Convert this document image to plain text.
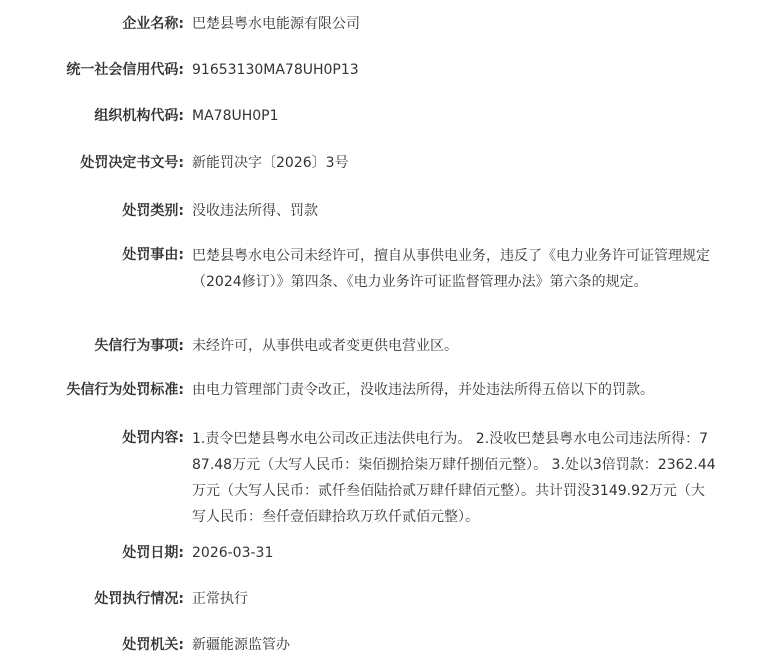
企业名称: 巴楚县粤水电能源有限公司
统一社会信用代码: 91653130MA78UH0P13
组织机构代码: MA78UH0P1
处罚决定书文号: 新能罚决字〔2026〕3号
处罚类别: 没收违法所得、罚款
处罚事由: 巴楚县粤水电公司未经许可，擅自从事供电业务，违反了《电力业务许可证管理规定（2024修订）》第四条、《电力业务许可证监督管理办法》第六条的规定。
失信行为事项: 未经许可，从事供电或者变更供电营业区。
失信行为处罚标准: 由电力管理部门责令改正，没收违法所得，并处违法所得五倍以下的罚款。
处罚内容: 1.责令巴楚县粤水电公司改正违法供电行为。 2.没收巴楚县粤水电公司违法所得：787.48万元（大写人民币：柒佰捌拾柒万肆仟捌佰元整）。 3.处以3倍罚款：2362.44万元（大写人民币：贰仟叁佰陆拾贰万肆仟肆佰元整）。共计罚没3149.92万元（大写人民币：叁仟壹佰肆拾玖万玖仟贰佰元整）。
处罚日期: 2026-03-31
处罚执行情况: 正常执行
处罚机关: 新疆能源监管办
